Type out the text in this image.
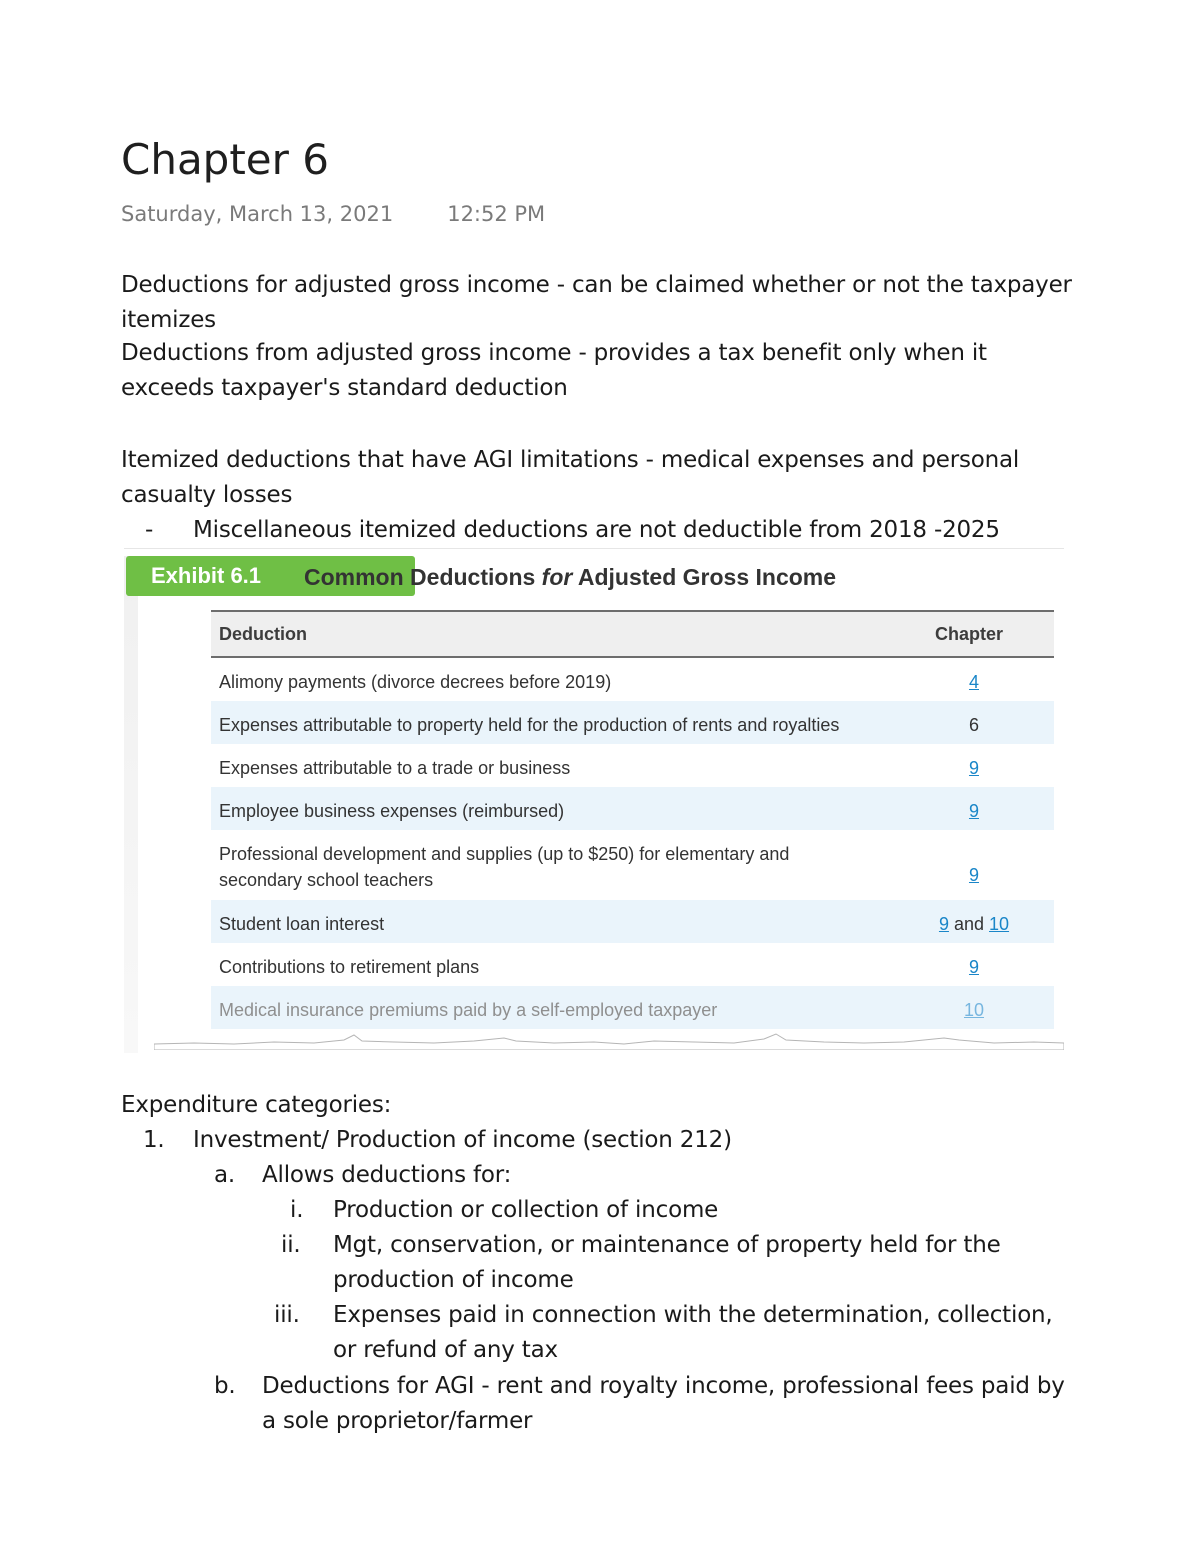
Chapter 6
Saturday, March 13, 2021	12:52 PM
Deductions for adjusted gross income - can be claimed whether or not the taxpayer
itemizes
Deductions from adjusted gross income - provides a tax benefit only when it
exceeds taxpayer's standard deduction
Itemized deductions that have AGI limitations - medical expenses and personal
casualty losses
- Miscellaneous itemized deductions are not deductible from 2018 -2025
Exhibit 6.1	Common Deductions for Adjusted Gross Income
Deduction	Chapter
Alimony payments (divorce decrees before 2019)	4
Expenses attributable to property held for the production of rents and royalties	6
Expenses attributable to a trade or business	9
Employee business expenses (reimbursed)	9
Professional development and supplies (up to $250) for elementary and
secondary school teachers	9
Student loan interest	9 and 10
Contributions to retirement plans	9
Medical insurance premiums paid by a self-employed taxpayer	10
Expenditure categories:
1. Investment/ Production of income (section 212)
a. Allows deductions for:
i. Production or collection of income
ii. Mgt, conservation, or maintenance of property held for the
production of income
iii. Expenses paid in connection with the determination, collection,
or refund of any tax
b. Deductions for AGI - rent and royalty income, professional fees paid by
a sole proprietor/farmer
